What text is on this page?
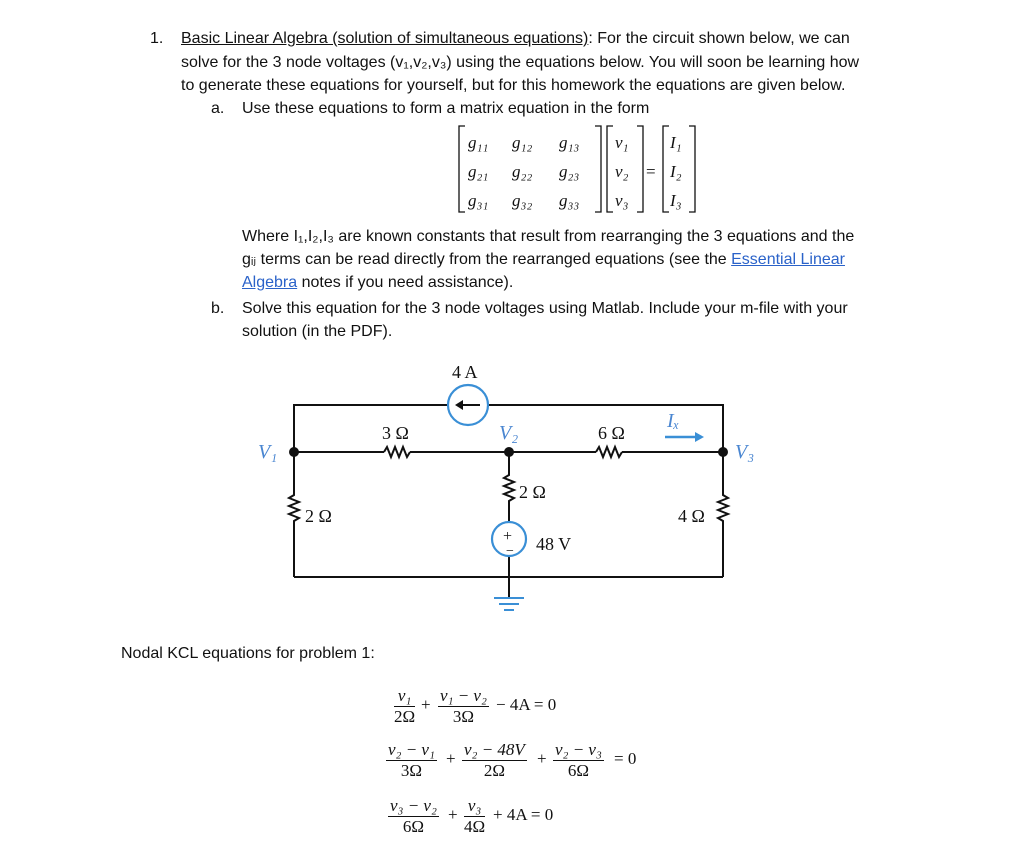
1. Basic Linear Algebra (solution of simultaneous equations): For the circuit shown below, we can
solve for the 3 node voltages (v₁,v₂,v₃) using the equations below. You will soon be learning how
to generate these equations for yourself, but for this homework the equations are given below.
a. Use these equations to form a matrix equation in the form
g₁₁ g₁₂ g₁₃
g₂₁ g₂₂ g₂₃
g₃₁ g₃₂ g₃₃
v₁
v₂
v₃
I₁
I₂
I₃
=
Where I₁,I₂,I₃ are known constants that result from rearranging the 3 equations and the
gᵢⱼ terms can be read directly from the rearranged equations (see the Essential Linear
Algebra notes if you need assistance).
b. Solve this equation for the 3 node voltages using Matlab. Include your m-file with your
solution (in the PDF).
4 A
3 Ω	6 Ω
2 Ω
2 Ω
4 Ω
48 V
+
−
V₁
V₂
V₃
Iₓ
Nodal KCL equations for problem 1:
$\frac{\text{v₁}}{2\Omega} + \frac{\text{v₁ − v₂}}{3\Omega} - 4A = 0$
$\frac{\text{v₂ − v₁}}{3\Omega} + \frac{\text{v₂ − 48V}}{2\Omega} + \frac{\text{v₂ − v₃}}{6\Omega} = 0$
$\frac{\text{v₃ − v₂}}{6\Omega} + \frac{\text{v₃}}{4\Omega} + 4A = 0$
